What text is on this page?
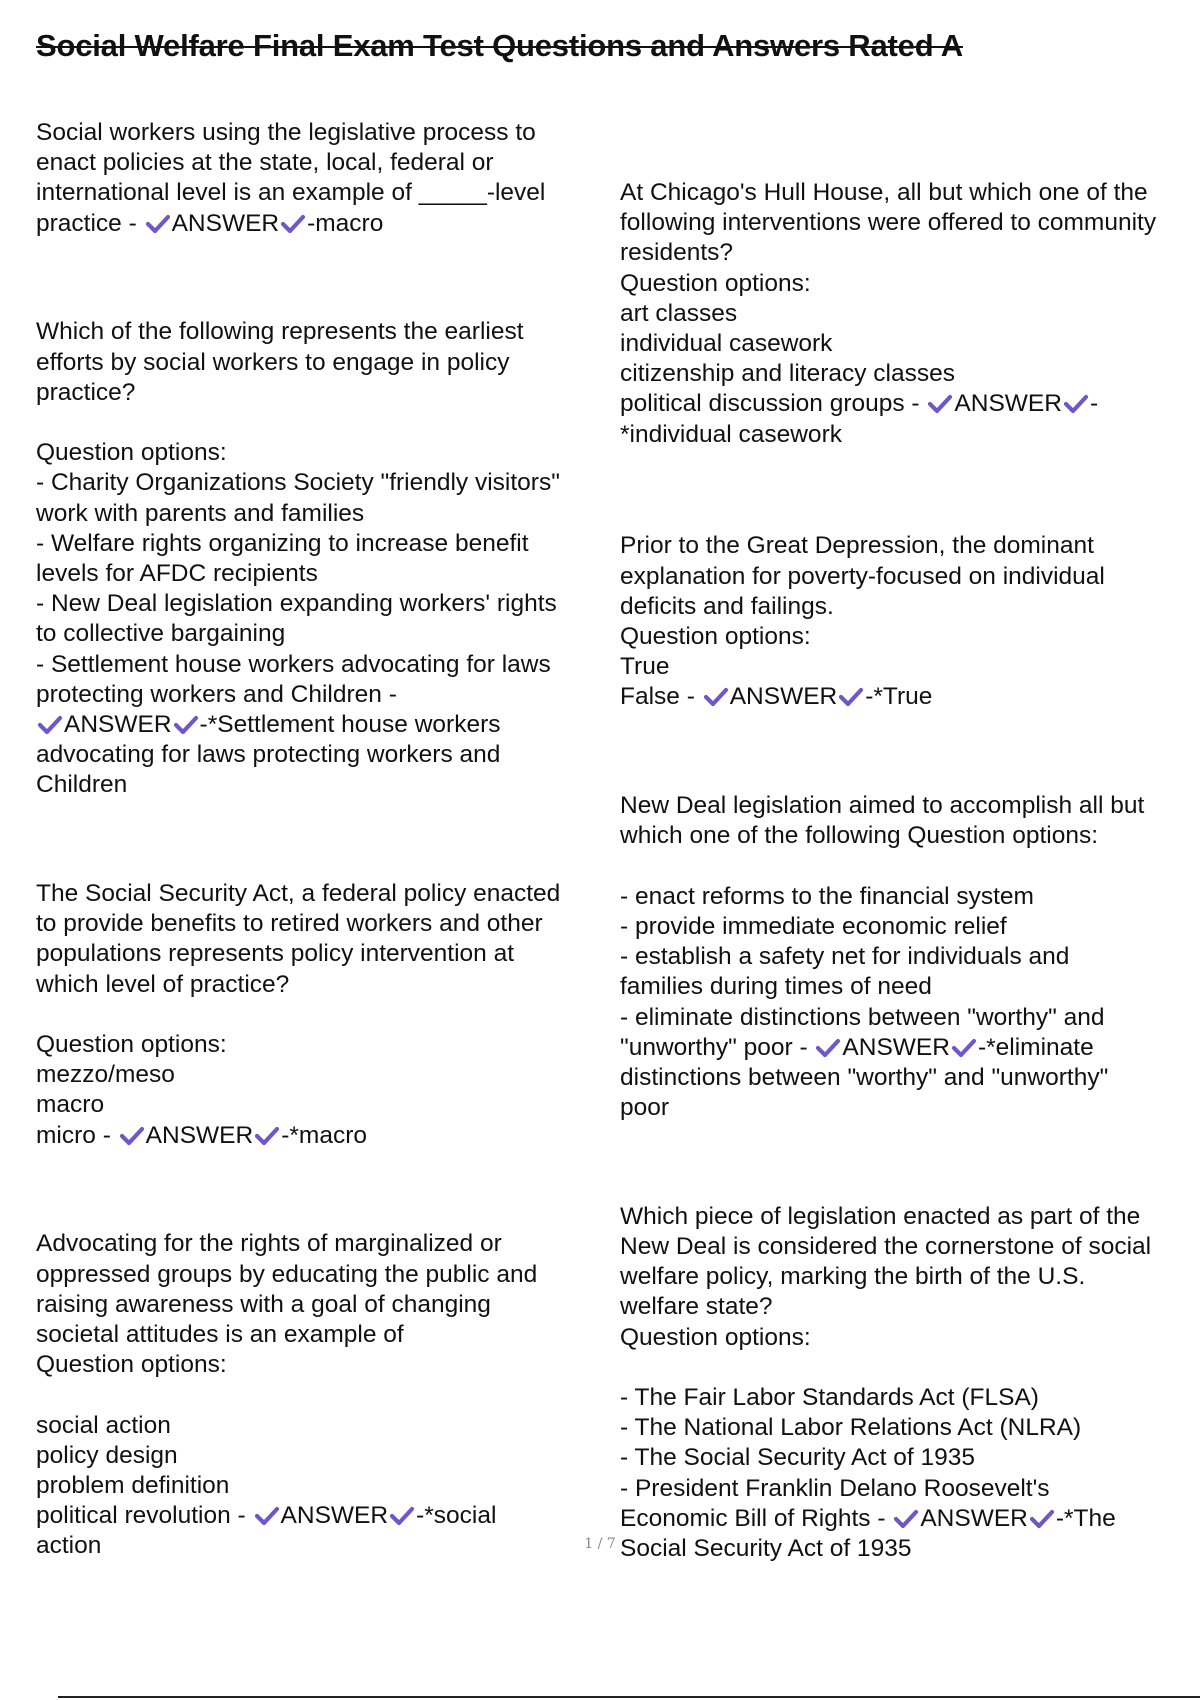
Social Welfare Final Exam Test Questions and Answers Rated A
Social workers using the legislative process to
enact policies at the state, local, federal or
international level is an example of _____-level
practice -
ANSWER -macro
Which of the following represents the earliest
efforts by social workers to engage in policy
practice?
Question options:
- Charity Organizations Society "friendly visitors"
work with parents and families
- Welfare rights organizing to increase benefit
levels for AFDC recipients
- New Deal legislation expanding workers' rights
to collective bargaining
- Settlement house workers advocating for laws
protecting workers and Children -
ANSWER -*Settlement house workers
advocating for laws protecting workers and
Children
The Social Security Act, a federal policy enacted
to provide benefits to retired workers and other
populations represents policy intervention at
which level of practice?
Question options:
mezzo/meso
macro
micro -
ANSWER -*macro
Advocating for the rights of marginalized or
oppressed groups by educating the public and
raising awareness with a goal of changing
societal attitudes is an example of
Question options:
social action
policy design
problem definition
political revolution -
ANSWER -*social
action
At Chicago's Hull House, all but which one of the
following interventions were offered to community
residents?
Question options:
art classes
individual casework
citizenship and literacy classes
political discussion groups -
ANSWER -
*individual casework
Prior to the Great Depression, the dominant
explanation for poverty-focused on individual
deficits and failings.
Question options:
True
False -
ANSWER -*True
New Deal legislation aimed to accomplish all but
which one of the following Question options:
- enact reforms to the financial system
- provide immediate economic relief
- establish a safety net for individuals and
families during times of need
- eliminate distinctions between "worthy" and
"unworthy" poor -
ANSWER -*eliminate
distinctions between "worthy" and "unworthy"
poor
Which piece of legislation enacted as part of the
New Deal is considered the cornerstone of social
welfare policy, marking the birth of the U.S.
welfare state?
Question options:
- The Fair Labor Standards Act (FLSA)
- The National Labor Relations Act (NLRA)
- The Social Security Act of 1935
- President Franklin Delano Roosevelt's
Economic Bill of Rights -
ANSWER -*The
Social Security Act of 1935
1 / 7
